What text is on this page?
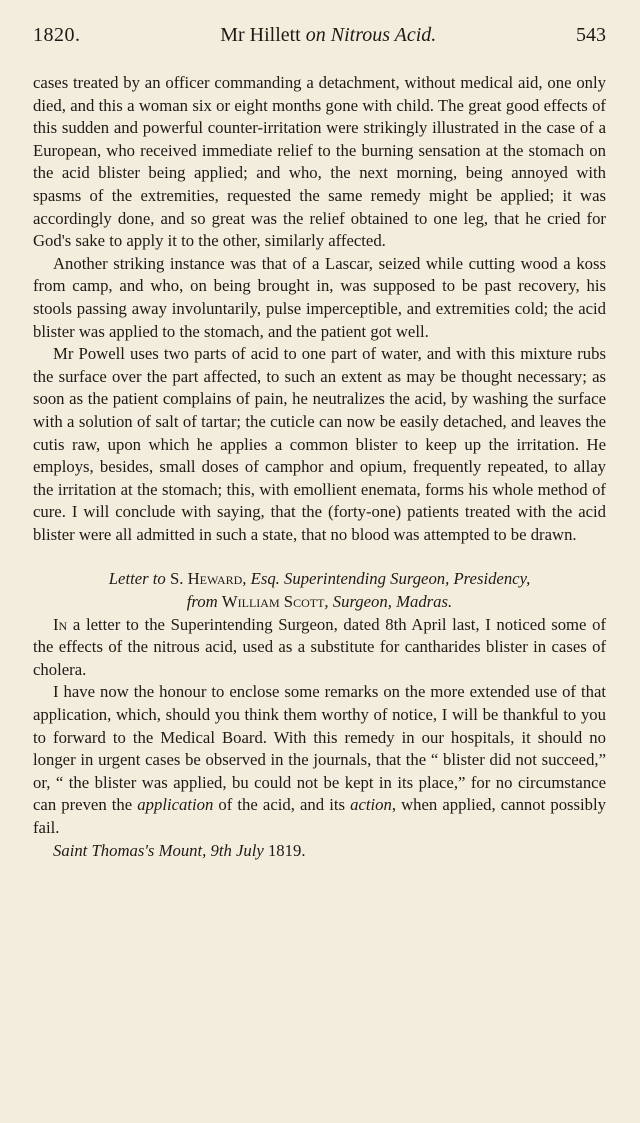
1820.	Mr Hillett on Nitrous Acid.	543

cases treated by an officer commanding a detachment, without medical aid, one only died, and this a woman six or eight months gone with child. The great good effects of this sudden and powerful counter-irritation were strikingly illustrated in the case of a European, who received immediate relief to the burning sensation at the stomach on the acid blister being applied; and who, the next morning, being annoyed with spasms of the extremities, requested the same remedy might be applied; it was accordingly done, and so great was the relief obtained to one leg, that he cried for God's sake to apply it to the other, similarly affected.

Another striking instance was that of a Lascar, seized while cutting wood a koss from camp, and who, on being brought in, was supposed to be past recovery, his stools passing away involuntarily, pulse imperceptible, and extremities cold; the acid blister was applied to the stomach, and the patient got well.

Mr Powell uses two parts of acid to one part of water, and with this mixture rubs the surface over the part affected, to such an extent as may be thought necessary; as soon as the patient complains of pain, he neutralizes the acid, by washing the surface with a solution of salt of tartar; the cuticle can now be easily detached, and leaves the cutis raw, upon which he applies a common blister to keep up the irritation. He employs, besides, small doses of camphor and opium, frequently repeated, to allay the irritation at the stomach; this, with emollient enemata, forms his whole method of cure. I will conclude with saying, that the (forty-one) patients treated with the acid blister were all admitted in such a state, that no blood was attempted to be drawn.

Letter to S. Heward, Esq. Superintending Surgeon, Presidency,
from William Scott, Surgeon, Madras.

In a letter to the Superintending Surgeon, dated 8th April last, I noticed some of the effects of the nitrous acid, used as a substitute for cantharides blister in cases of cholera.

I have now the honour to enclose some remarks on the more extended use of that application, which, should you think them worthy of notice, I will be thankful to you to forward to the Medical Board. With this remedy in our hospitals, it should no longer in urgent cases be observed in the journals, that the “ blister did not succeed,” or, “ the blister was applied, bu could not be kept in its place,” for no circumstance can preven the application of the acid, and its action, when applied, cannot possibly fail.

Saint Thomas's Mount, 9th July 1819.
